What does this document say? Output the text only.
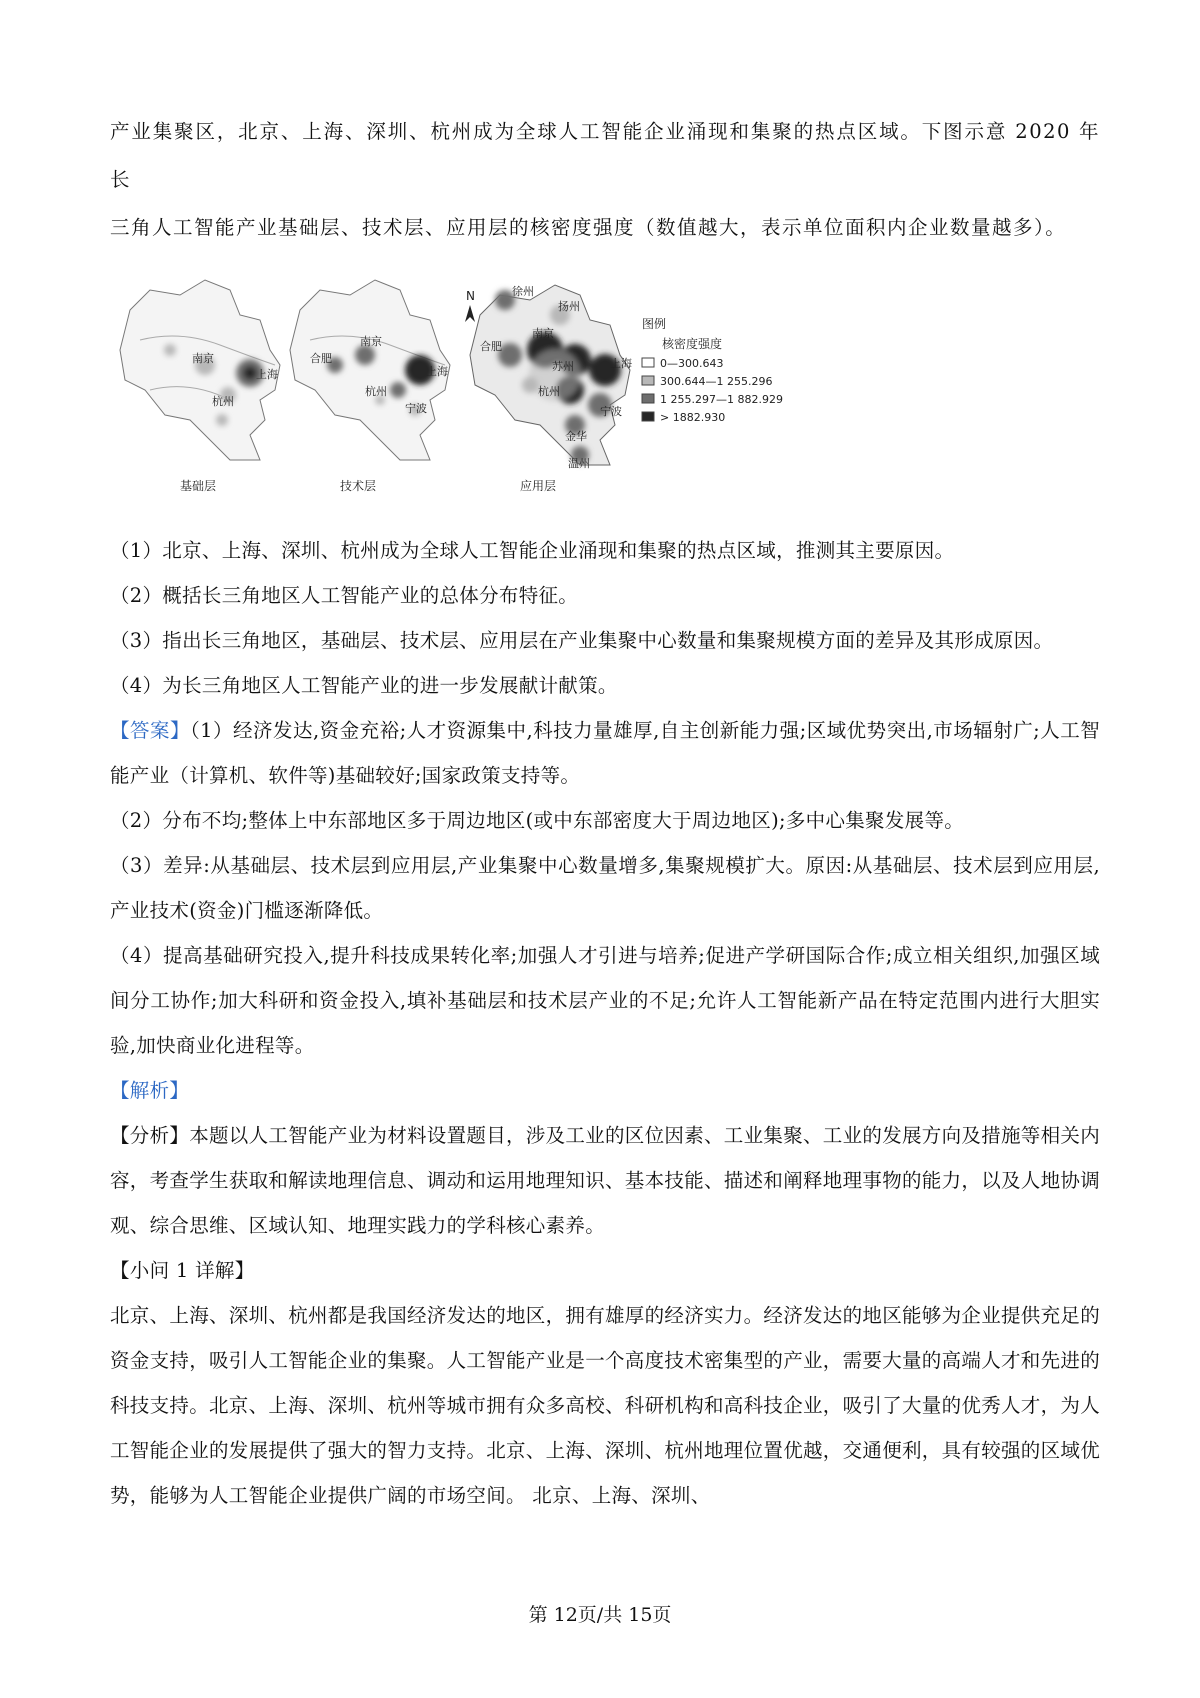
产业集聚区，北京、上海、深圳、杭州成为全球人工智能企业涌现和集聚的热点区域。下图示意 2020 年长

三角人工智能产业基础层、技术层、应用层的核密度强度（数值越大，表示单位面积内企业数量越多）。

南京
上海
杭州
基础层
合肥
南京
上海
杭州
宁波
技术层
N	徐州
扬州
合肥
南京
苏州	上海
杭州
宁波
金华
温州
应用层
图例
核密度强度
0—300.643
300.644—1 255.296
1 255.297—1 882.929
> 1882.930

（1）北京、上海、深圳、杭州成为全球人工智能企业涌现和集聚的热点区域，推测其主要原因。

（2）概括长三角地区人工智能产业的总体分布特征。

（3）指出长三角地区，基础层、技术层、应用层在产业集聚中心数量和集聚规模方面的差异及其形成原因。

（4）为长三角地区人工智能产业的进一步发展献计献策。

【答案】（1）经济发达,资金充裕;人才资源集中,科技力量雄厚,自主创新能力强;区域优势突出,市场辐射广;人工智能产业（计算机、软件等)基础较好;国家政策支持等。

（2）分布不均;整体上中东部地区多于周边地区(或中东部密度大于周边地区);多中心集聚发展等。

（3）差异:从基础层、技术层到应用层,产业集聚中心数量增多,集聚规模扩大。原因:从基础层、技术层到应用层,产业技术(资金)门槛逐渐降低。

（4）提高基础研究投入,提升科技成果转化率;加强人才引进与培养;促进产学研国际合作;成立相关组织,加强区域间分工协作;加大科研和资金投入,填补基础层和技术层产业的不足;允许人工智能新产品在特定范围内进行大胆实验,加快商业化进程等。

【解析】

【分析】本题以人工智能产业为材料设置题目，涉及工业的区位因素、工业集聚、工业的发展方向及措施等相关内容，考查学生获取和解读地理信息、调动和运用地理知识、基本技能、描述和阐释地理事物的能力，以及人地协调观、综合思维、区域认知、地理实践力的学科核心素养。

【小问 1 详解】

北京、上海、深圳、杭州都是我国经济发达的地区，拥有雄厚的经济实力。经济发达的地区能够为企业提供充足的资金支持，吸引人工智能企业的集聚。人工智能产业是一个高度技术密集型的产业，需要大量的高端人才和先进的科技支持。北京、上海、深圳、杭州等城市拥有众多高校、科研机构和高科技企业，吸引了大量的优秀人才，为人工智能企业的发展提供了强大的智力支持。北京、上海、深圳、杭州地理位置优越，交通便利，具有较强的区域优势，能够为人工智能企业提供广阔的市场空间。 北京、上海、深圳、

第 12页/共 15页
